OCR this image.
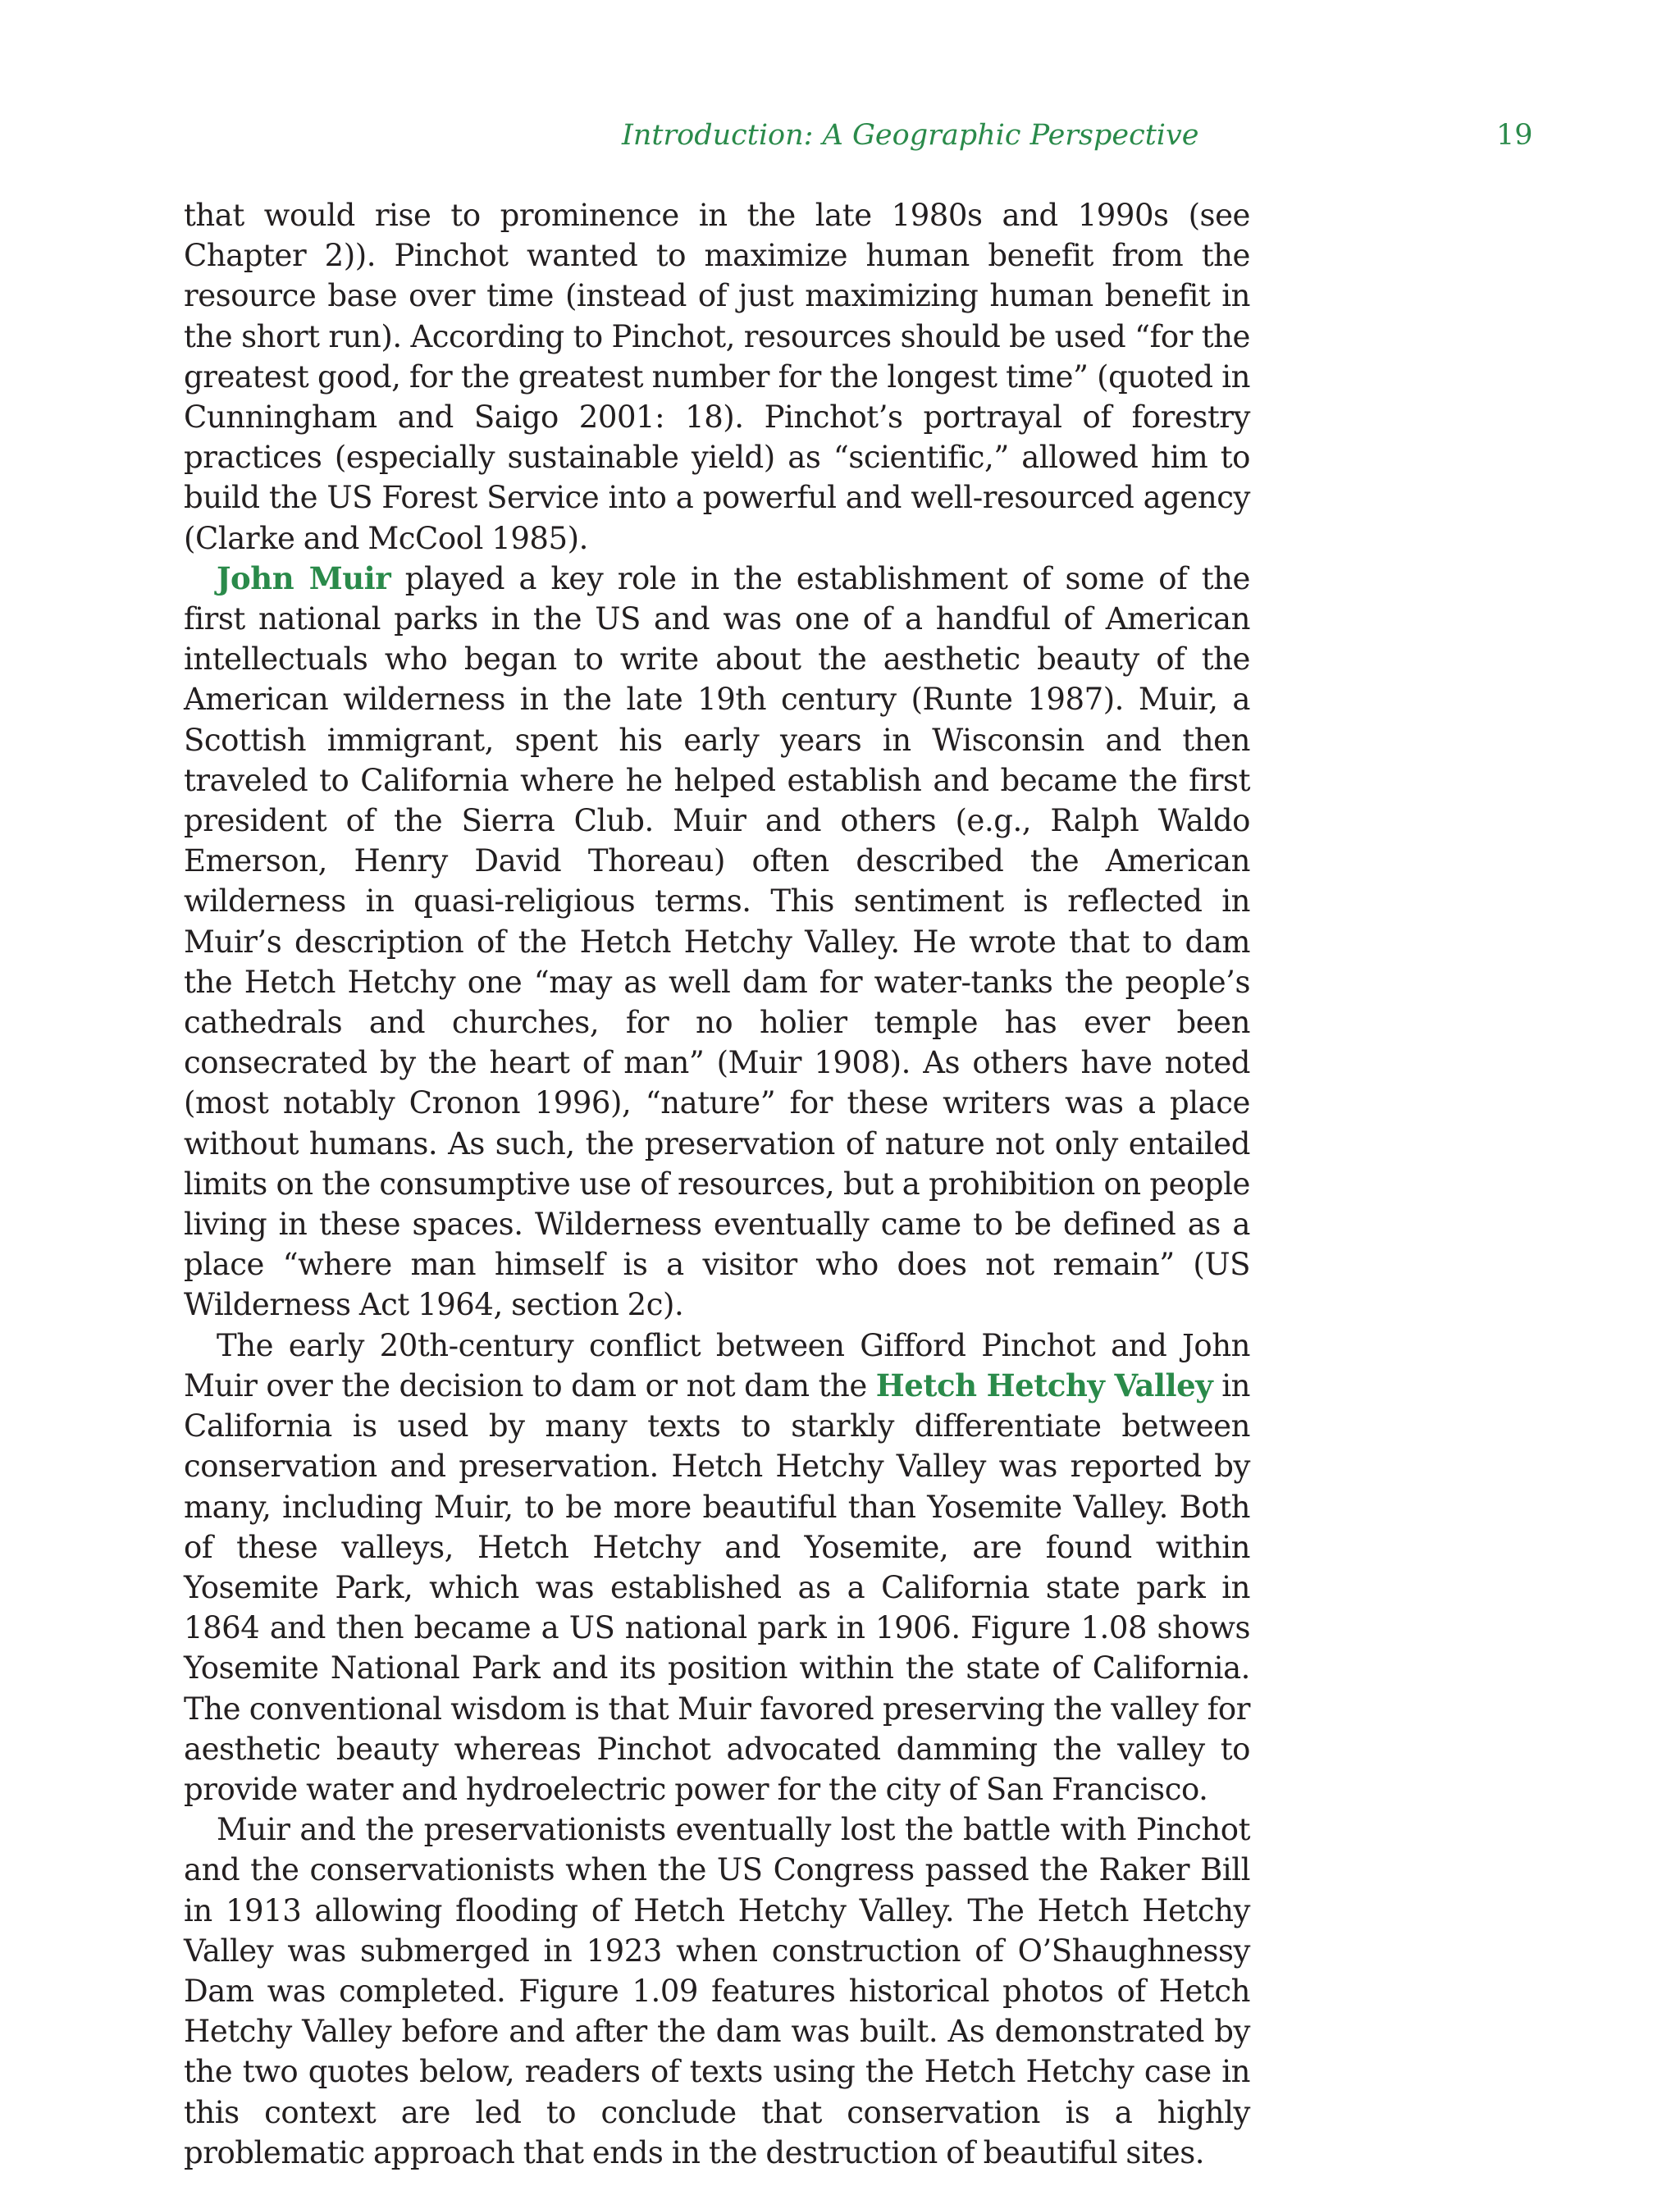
Introduction: A Geographic Perspective	19

that would rise to prominence in the late 1980s and 1990s (see Chapter 2)). Pinchot wanted to maximize human benefit from the resource base over time (instead of just maximizing human benefit in the short run). According to Pinchot, resources should be used “for the greatest good, for the greatest number for the longest time” (quoted in Cunningham and Saigo 2001: 18). Pinchot’s portrayal of forestry practices (especially sustainable yield) as “scientific,” allowed him to build the US Forest Service into a powerful and well-resourced agency (Clarke and McCool 1985).

John Muir played a key role in the establishment of some of the first national parks in the US and was one of a handful of American intellectuals who began to write about the aesthetic beauty of the American wilderness in the late 19th century (Runte 1987). Muir, a Scottish immigrant, spent his early years in Wisconsin and then traveled to California where he helped establish and became the first president of the Sierra Club. Muir and others (e.g., Ralph Waldo Emerson, Henry David Thoreau) often described the American wilderness in quasi-religious terms. This sentiment is reflected in Muir’s description of the Hetch Hetchy Valley. He wrote that to dam the Hetch Hetchy one “may as well dam for water-tanks the people’s cathedrals and churches, for no holier temple has ever been consecrated by the heart of man” (Muir 1908). As others have noted (most notably Cronon 1996), “nature” for these writers was a place without humans. As such, the preservation of nature not only entailed limits on the consumptive use of resources, but a prohibition on people living in these spaces. Wilderness eventually came to be defined as a place “where man himself is a visitor who does not remain” (US Wilderness Act 1964, section 2c).

The early 20th-century conflict between Gifford Pinchot and John Muir over the decision to dam or not dam the Hetch Hetchy Valley in California is used by many texts to starkly differentiate between conservation and preservation. Hetch Hetchy Valley was reported by many, including Muir, to be more beautiful than Yosemite Valley. Both of these valleys, Hetch Hetchy and Yosemite, are found within Yosemite Park, which was established as a California state park in 1864 and then became a US national park in 1906. Figure 1.08 shows Yosemite National Park and its position within the state of California. The conventional wisdom is that Muir favored preserving the valley for aesthetic beauty whereas Pinchot advocated damming the valley to provide water and hydroelectric power for the city of San Francisco.

Muir and the preservationists eventually lost the battle with Pinchot and the conservationists when the US Congress passed the Raker Bill in 1913 allowing flooding of Hetch Hetchy Valley. The Hetch Hetchy Valley was submerged in 1923 when construction of O’Shaughnessy Dam was completed. Figure 1.09 features historical photos of Hetch Hetchy Valley before and after the dam was built. As demonstrated by the two quotes below, readers of texts using the Hetch Hetchy case in this context are led to conclude that conservation is a highly problematic approach that ends in the destruction of beautiful sites.
